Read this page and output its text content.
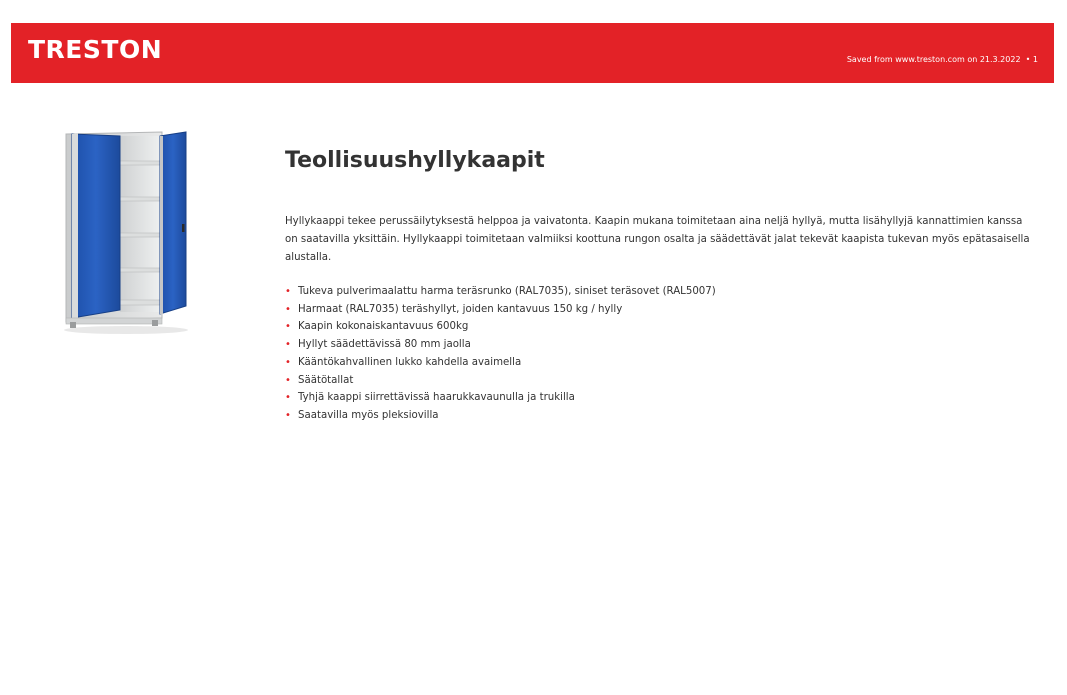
TRESTON	Saved from www.treston.com on 21.3.2022  • 1
Teollisuushyllykaapit

Hyllykaappi tekee perussäilytyksestä helppoa ja vaivatonta. Kaapin mukana toimitetaan aina neljä hyllyä, mutta lisähyllyjä kannattimien kanssa on saatavilla yksittäin. Hyllykaappi toimitetaan valmiiksi koottuna rungon osalta ja säädettävät jalat tekevät kaapista tukevan myös epätasaisella alustalla.

• Tukeva pulverimaalattu harma teräsrunko (RAL7035), siniset teräsovet (RAL5007)
• Harmaat (RAL7035) teräshyllyt, joiden kantavuus 150 kg / hylly
• Kaapin kokonaiskantavuus 600kg
• Hyllyt säädettävissä 80 mm jaolla
• Kääntökahvallinen lukko kahdella avaimella
• Säätötallat
• Tyhjä kaappi siirrettävissä haarukkavaunulla ja trukilla
• Saatavilla myös pleksiovilla
